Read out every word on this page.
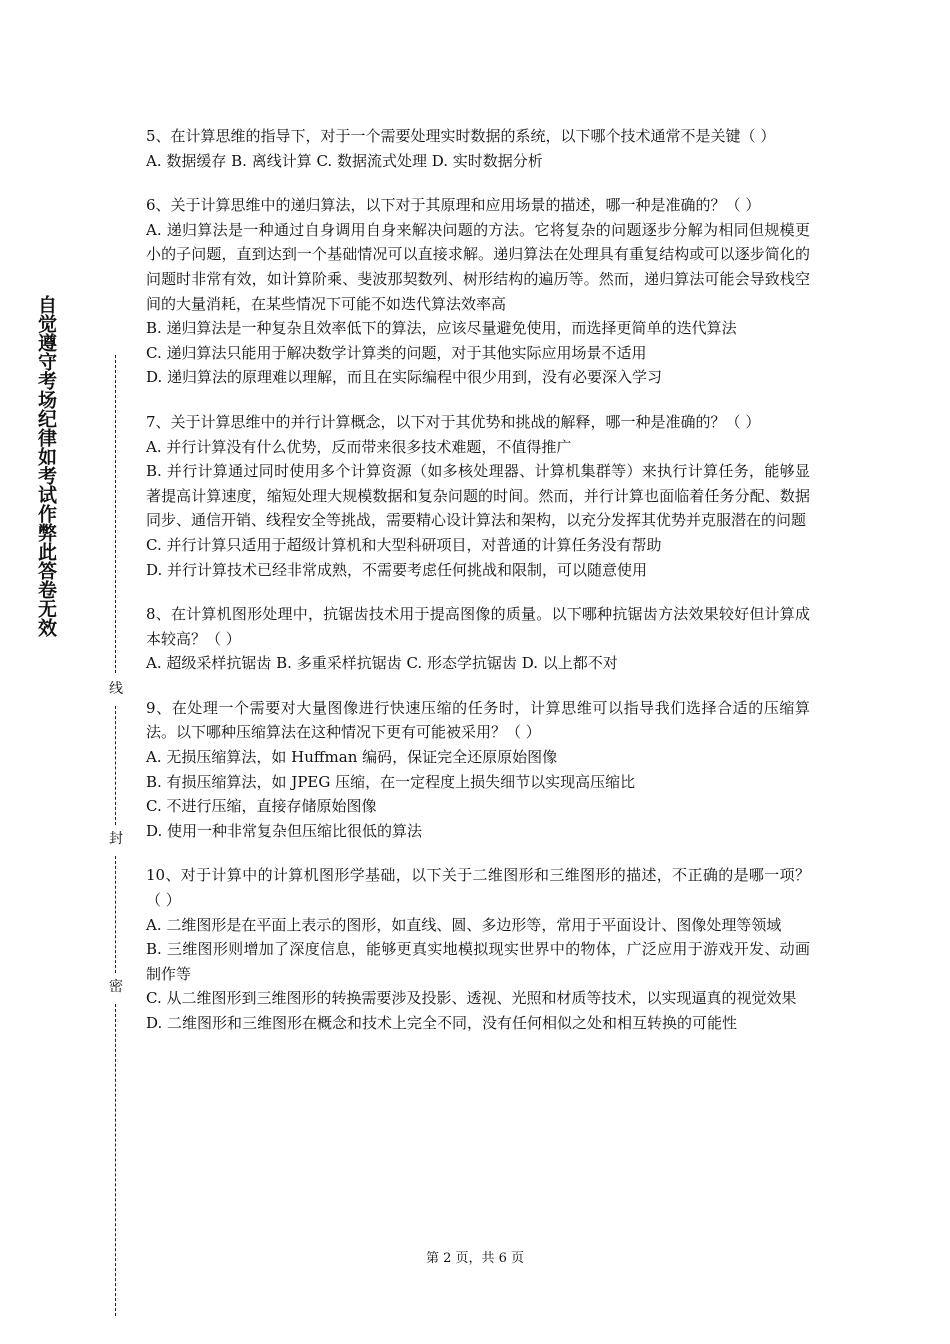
自觉遵守考场纪律如考试作弊此答卷无效
线
封
密

5、在计算思维的指导下，对于一个需要处理实时数据的系统，以下哪个技术通常不是关键（ ）

A. 数据缓存 B. 离线计算 C. 数据流式处理 D. 实时数据分析

6、关于计算思维中的递归算法，以下对于其原理和应用场景的描述，哪一种是准确的？（ ）

A. 递归算法是一种通过自身调用自身来解决问题的方法。它将复杂的问题逐步分解为相同但规模更小的子问题，直到达到一个基础情况可以直接求解。递归算法在处理具有重复结构或可以逐步简化的问题时非常有效，如计算阶乘、斐波那契数列、树形结构的遍历等。然而，递归算法可能会导致栈空间的大量消耗，在某些情况下可能不如迭代算法效率高

B. 递归算法是一种复杂且效率低下的算法，应该尽量避免使用，而选择更简单的迭代算法

C. 递归算法只能用于解决数学计算类的问题，对于其他实际应用场景不适用

D. 递归算法的原理难以理解，而且在实际编程中很少用到，没有必要深入学习

7、关于计算思维中的并行计算概念，以下对于其优势和挑战的解释，哪一种是准确的？（ ）

A. 并行计算没有什么优势，反而带来很多技术难题，不值得推广

B. 并行计算通过同时使用多个计算资源（如多核处理器、计算机集群等）来执行计算任务，能够显著提高计算速度，缩短处理大规模数据和复杂问题的时间。然而，并行计算也面临着任务分配、数据同步、通信开销、线程安全等挑战，需要精心设计算法和架构，以充分发挥其优势并克服潜在的问题

C. 并行计算只适用于超级计算机和大型科研项目，对普通的计算任务没有帮助

D. 并行计算技术已经非常成熟，不需要考虑任何挑战和限制，可以随意使用

8、在计算机图形处理中，抗锯齿技术用于提高图像的质量。以下哪种抗锯齿方法效果较好但计算成本较高？（ ）

A. 超级采样抗锯齿 B. 多重采样抗锯齿 C. 形态学抗锯齿 D. 以上都不对

9、在处理一个需要对大量图像进行快速压缩的任务时，计算思维可以指导我们选择合适的压缩算法。以下哪种压缩算法在这种情况下更有可能被采用？（ ）

A. 无损压缩算法，如 Huffman 编码，保证完全还原原始图像

B. 有损压缩算法，如 JPEG 压缩，在一定程度上损失细节以实现高压缩比

C. 不进行压缩，直接存储原始图像

D. 使用一种非常复杂但压缩比很低的算法

10、对于计算中的计算机图形学基础，以下关于二维图形和三维图形的描述，不正确的是哪一项？（ ）

A. 二维图形是在平面上表示的图形，如直线、圆、多边形等，常用于平面设计、图像处理等领域

B. 三维图形则增加了深度信息，能够更真实地模拟现实世界中的物体，广泛应用于游戏开发、动画制作等

C. 从二维图形到三维图形的转换需要涉及投影、透视、光照和材质等技术，以实现逼真的视觉效果

D. 二维图形和三维图形在概念和技术上完全不同，没有任何相似之处和相互转换的可能性

第 2 页，共 6 页
